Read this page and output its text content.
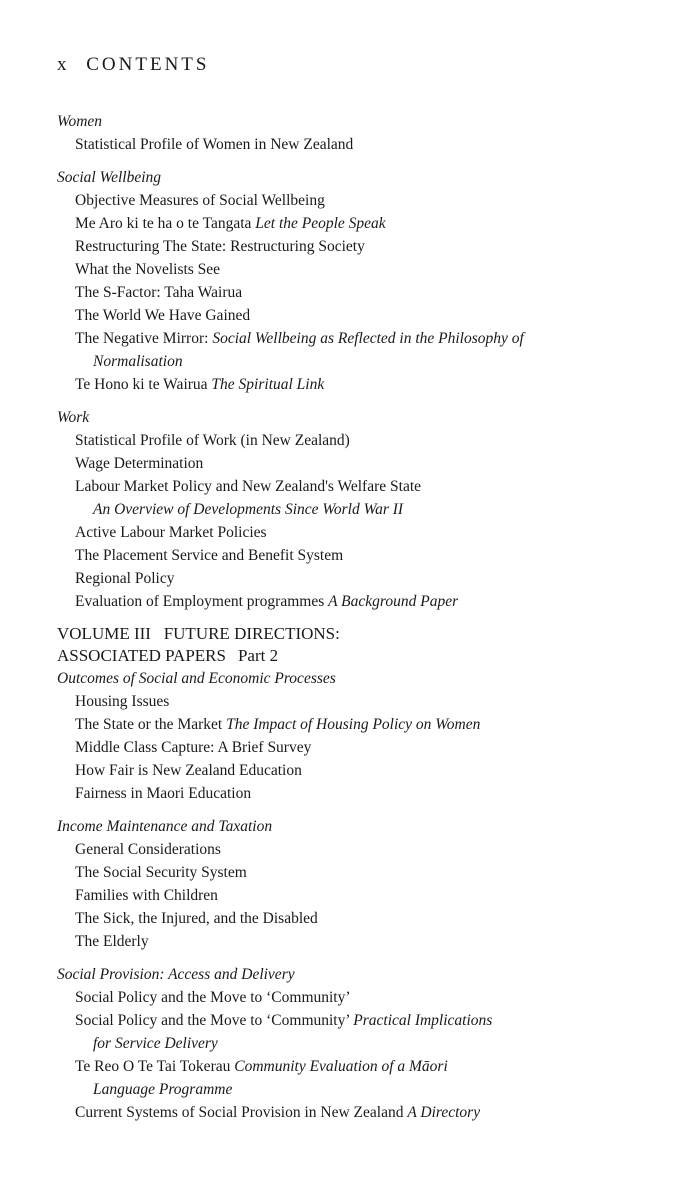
x CONTENTS
Women
Statistical Profile of Women in New Zealand
Social Wellbeing
Objective Measures of Social Wellbeing
Me Aro ki te ha o te Tangata Let the People Speak
Restructuring The State: Restructuring Society
What the Novelists See
The S-Factor: Taha Wairua
The World We Have Gained
The Negative Mirror: Social Wellbeing as Reflected in the Philosophy of
Normalisation
Te Hono ki te Wairua The Spiritual Link
Work
Statistical Profile of Work (in New Zealand)
Wage Determination
Labour Market Policy and New Zealand's Welfare State
An Overview of Developments Since World War II
Active Labour Market Policies
The Placement Service and Benefit System
Regional Policy
Evaluation of Employment programmes A Background Paper
VOLUME III   FUTURE DIRECTIONS:
ASSOCIATED PAPERS Part 2
Outcomes of Social and Economic Processes
Housing Issues
The State or the Market The Impact of Housing Policy on Women
Middle Class Capture: A Brief Survey
How Fair is New Zealand Education
Fairness in Maori Education
Income Maintenance and Taxation
General Considerations
The Social Security System
Families with Children
The Sick, the Injured, and the Disabled
The Elderly
Social Provision: Access and Delivery
Social Policy and the Move to ‘Community’
Social Policy and the Move to ‘Community’ Practical Implications
for Service Delivery
Te Reo O Te Tai Tokerau Community Evaluation of a Māori
Language Programme
Current Systems of Social Provision in New Zealand A Directory
